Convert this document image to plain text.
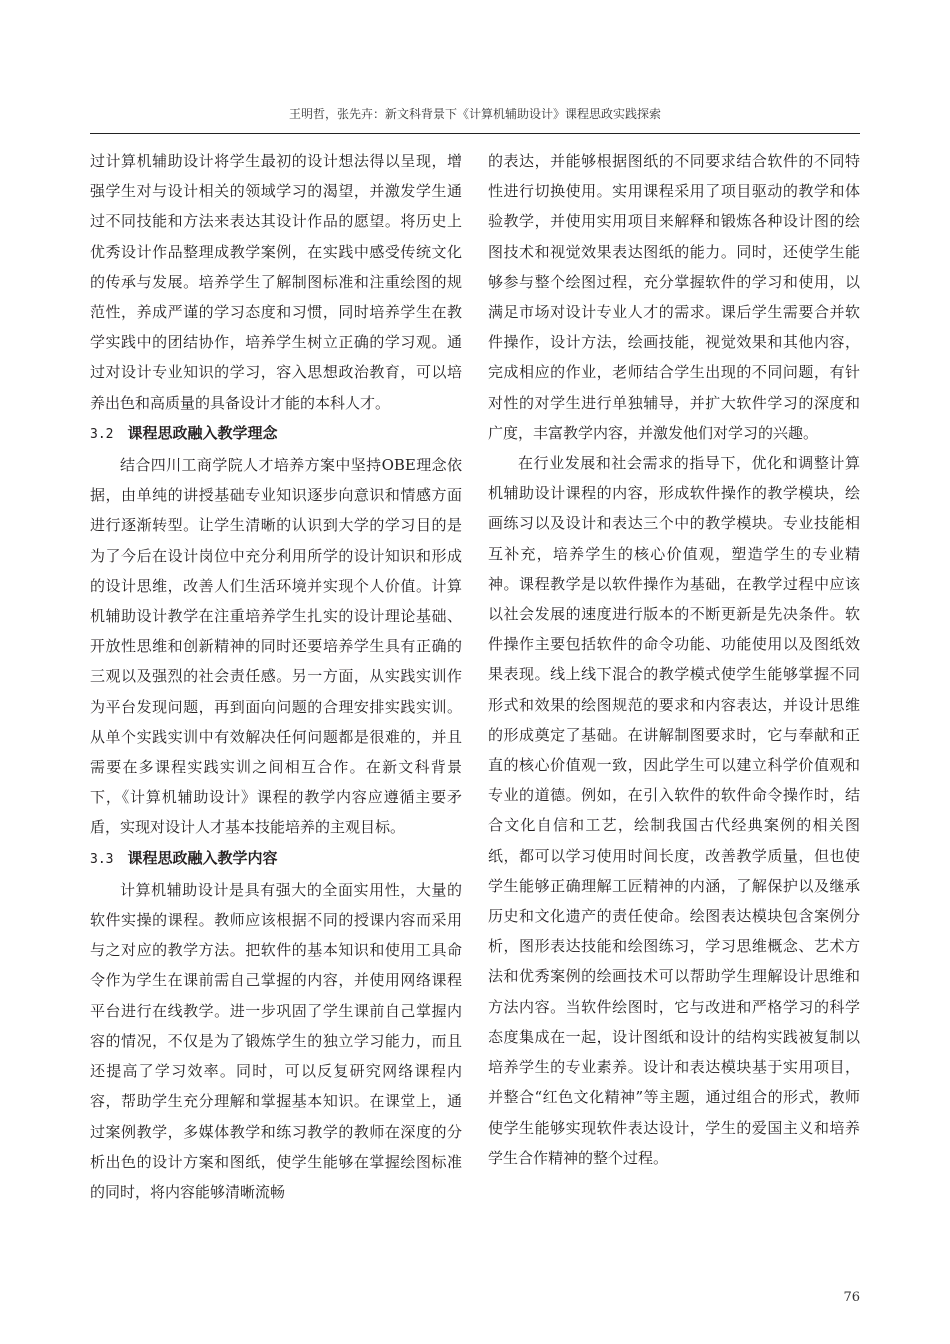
王明哲，张先卉：新文科背景下《计算机辅助设计》课程思政实践探索

过计算机辅助设计将学生最初的设计想法得以呈现，增强学生对与设计相关的领域学习的渴望，并激发学生通过不同技能和方法来表达其设计作品的愿望。将历史上优秀设计作品整理成教学案例，在实践中感受传统文化的传承与发展。培养学生了解制图标准和注重绘图的规范性，养成严谨的学习态度和习惯，同时培养学生在教学实践中的团结协作，培养学生树立正确的学习观。通过对设计专业知识的学习，容入思想政治教育，可以培养出色和高质量的具备设计才能的本科人才。

3.2 课程思政融入教学理念

结合四川工商学院人才培养方案中坚持OBE理念依据，由单纯的讲授基础专业知识逐步向意识和情感方面进行逐渐转型。让学生清晰的认识到大学的学习目的是为了今后在设计岗位中充分利用所学的设计知识和形成的设计思维，改善人们生活环境并实现个人价值。计算机辅助设计教学在注重培养学生扎实的设计理论基础、开放性思维和创新精神的同时还要培养学生具有正确的三观以及强烈的社会责任感。另一方面，从实践实训作为平台发现问题，再到面向问题的合理安排实践实训。从单个实践实训中有效解决任何问题都是很难的，并且需要在多课程实践实训之间相互合作。在新文科背景下，《计算机辅助设计》课程的教学内容应遵循主要矛盾，实现对设计人才基本技能培养的主观目标。

3.3 课程思政融入教学内容

计算机辅助设计是具有强大的全面实用性，大量的软件实操的课程。教师应该根据不同的授课内容而采用与之对应的教学方法。把软件的基本知识和使用工具命令作为学生在课前需自己掌握的内容，并使用网络课程平台进行在线教学。进一步巩固了学生课前自己掌握内容的情况，不仅是为了锻炼学生的独立学习能力，而且还提高了学习效率。同时，可以反复研究网络课程内容，帮助学生充分理解和掌握基本知识。在课堂上，通过案例教学，多媒体教学和练习教学的教师在深度的分析出色的设计方案和图纸，使学生能够在掌握绘图标准的同时，将内容能够清晰流畅

的表达，并能够根据图纸的不同要求结合软件的不同特性进行切换使用。实用课程采用了项目驱动的教学和体验教学，并使用实用项目来解释和锻炼各种设计图的绘图技术和视觉效果表达图纸的能力。同时，还使学生能够参与整个绘图过程，充分掌握软件的学习和使用，以满足市场对设计专业人才的需求。课后学生需要合并软件操作，设计方法，绘画技能，视觉效果和其他内容，完成相应的作业，老师结合学生出现的不同问题，有针对性的对学生进行单独辅导，并扩大软件学习的深度和广度，丰富教学内容，并激发他们对学习的兴趣。

在行业发展和社会需求的指导下，优化和调整计算机辅助设计课程的内容，形成软件操作的教学模块，绘画练习以及设计和表达三个中的教学模块。专业技能相互补充，培养学生的核心价值观，塑造学生的专业精神。课程教学是以软件操作为基础，在教学过程中应该以社会发展的速度进行版本的不断更新是先决条件。软件操作主要包括软件的命令功能、功能使用以及图纸效果表现。线上线下混合的教学模式使学生能够掌握不同形式和效果的绘图规范的要求和内容表达，并设计思维的形成奠定了基础。在讲解制图要求时，它与奉献和正直的核心价值观一致，因此学生可以建立科学价值观和专业的道德。例如，在引入软件的软件命令操作时，结合文化自信和工艺，绘制我国古代经典案例的相关图纸，都可以学习使用时间长度，改善教学质量，但也使学生能够正确理解工匠精神的内涵，了解保护以及继承历史和文化遗产的责任使命。绘图表达模块包含案例分析，图形表达技能和绘图练习，学习思维概念、艺术方法和优秀案例的绘画技术可以帮助学生理解设计思维和方法内容。当软件绘图时，它与改进和严格学习的科学态度集成在一起，设计图纸和设计的结构实践被复制以培养学生的专业素养。设计和表达模块基于实用项目，并整合“红色文化精神”等主题，通过组合的形式，教师使学生能够实现软件表达设计，学生的爱国主义和培养学生合作精神的整个过程。

76
